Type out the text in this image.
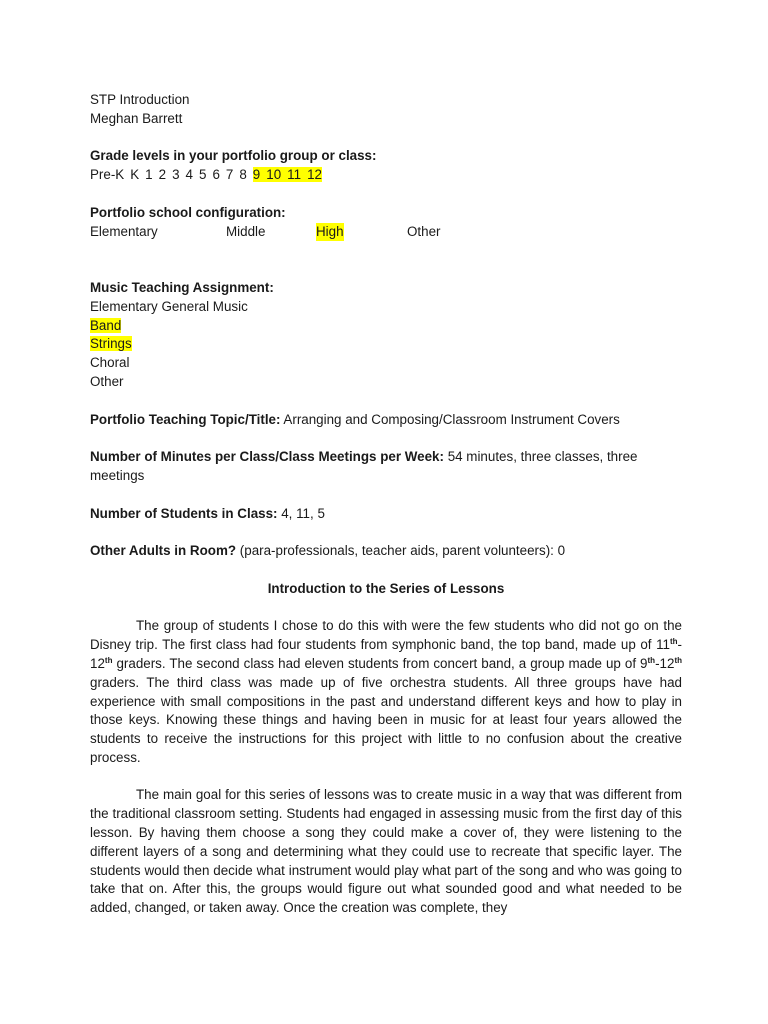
STP Introduction
Meghan Barrett
Grade levels in your portfolio group or class:
Pre-K K 1 2 3 4 5 6 7 8 9 10 11 12
Portfolio school configuration:
Elementary	Middle	High	Other
Music Teaching Assignment:
Elementary General Music
Band
Strings
Choral
Other
Portfolio Teaching Topic/Title: Arranging and Composing/Classroom Instrument Covers
Number of Minutes per Class/Class Meetings per Week: 54 minutes, three classes, three meetings
Number of Students in Class: 4, 11, 5
Other Adults in Room? (para-professionals, teacher aids, parent volunteers): 0
Introduction to the Series of Lessons
The group of students I chose to do this with were the few students who did not go on the Disney trip. The first class had four students from symphonic band, the top band, made up of 11th-12th graders. The second class had eleven students from concert band, a group made up of 9th-12th graders. The third class was made up of five orchestra students. All three groups have had experience with small compositions in the past and understand different keys and how to play in those keys. Knowing these things and having been in music for at least four years allowed the students to receive the instructions for this project with little to no confusion about the creative process.
The main goal for this series of lessons was to create music in a way that was different from the traditional classroom setting. Students had engaged in assessing music from the first day of this lesson. By having them choose a song they could make a cover of, they were listening to the different layers of a song and determining what they could use to recreate that specific layer. The students would then decide what instrument would play what part of the song and who was going to take that on. After this, the groups would figure out what sounded good and what needed to be added, changed, or taken away. Once the creation was complete, they
